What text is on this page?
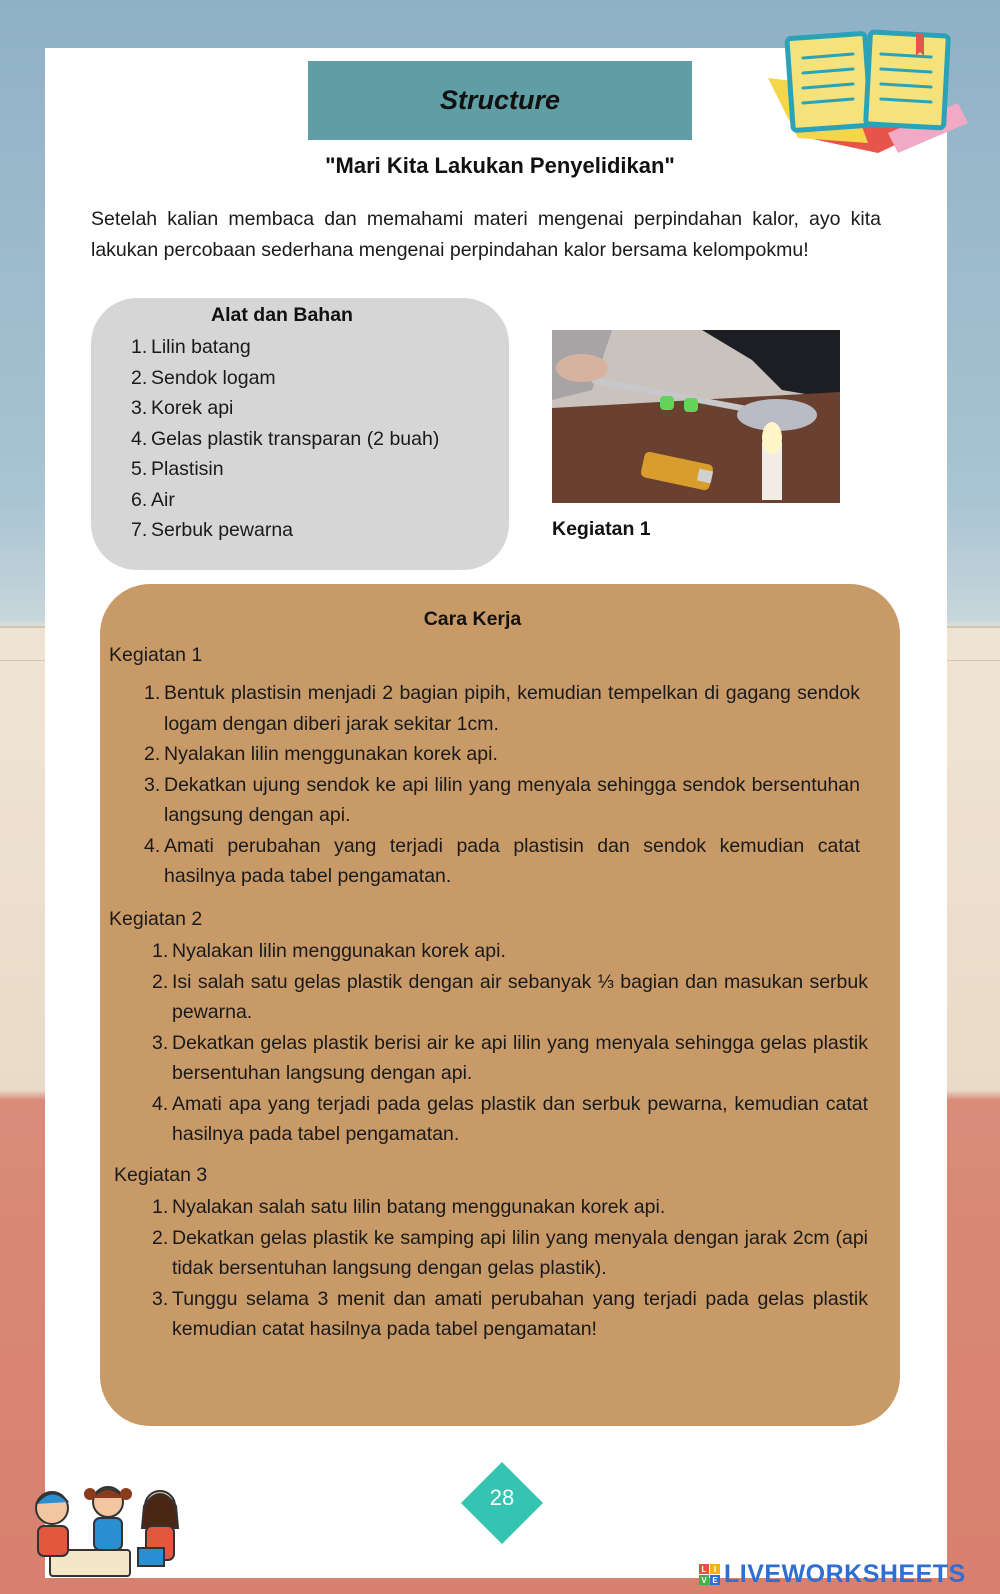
Structure
"Mari Kita Lakukan Penyelidikan"
Setelah kalian membaca dan memahami materi mengenai perpindahan kalor, ayo kita lakukan percobaan sederhana mengenai perpindahan kalor bersama kelompokmu!
Alat dan Bahan
1. Lilin batang
2. Sendok logam
3. Korek api
4. Gelas plastik transparan (2 buah)
5. Plastisin
6. Air
7. Serbuk pewarna	Kegiatan 1
Cara Kerja
Kegiatan 1
1. Bentuk plastisin menjadi 2 bagian pipih, kemudian tempelkan di gagang sendok logam dengan diberi jarak sekitar 1cm.
2. Nyalakan lilin menggunakan korek api.
3. Dekatkan ujung sendok ke api lilin yang menyala sehingga sendok bersentuhan langsung dengan api.
4. Amati perubahan yang terjadi pada plastisin dan sendok kemudian catat hasilnya pada tabel pengamatan.
Kegiatan 2
1. Nyalakan lilin menggunakan korek api.
2. Isi salah satu gelas plastik dengan air sebanyak ⅓ bagian dan masukan serbuk pewarna.
3. Dekatkan gelas plastik berisi air ke api lilin yang menyala sehingga gelas plastik bersentuhan langsung dengan api.
4. Amati apa yang terjadi pada gelas plastik dan serbuk pewarna, kemudian catat hasilnya pada tabel pengamatan.
Kegiatan 3
1. Nyalakan salah satu lilin batang menggunakan korek api.
2. Dekatkan gelas plastik ke samping api lilin yang menyala dengan jarak 2cm (api tidak bersentuhan langsung dengan gelas plastik).
3. Tunggu selama 3 menit dan amati perubahan yang terjadi pada gelas plastik kemudian catat hasilnya pada tabel pengamatan!
28
L I
V E LIVEWORKSHEETS
